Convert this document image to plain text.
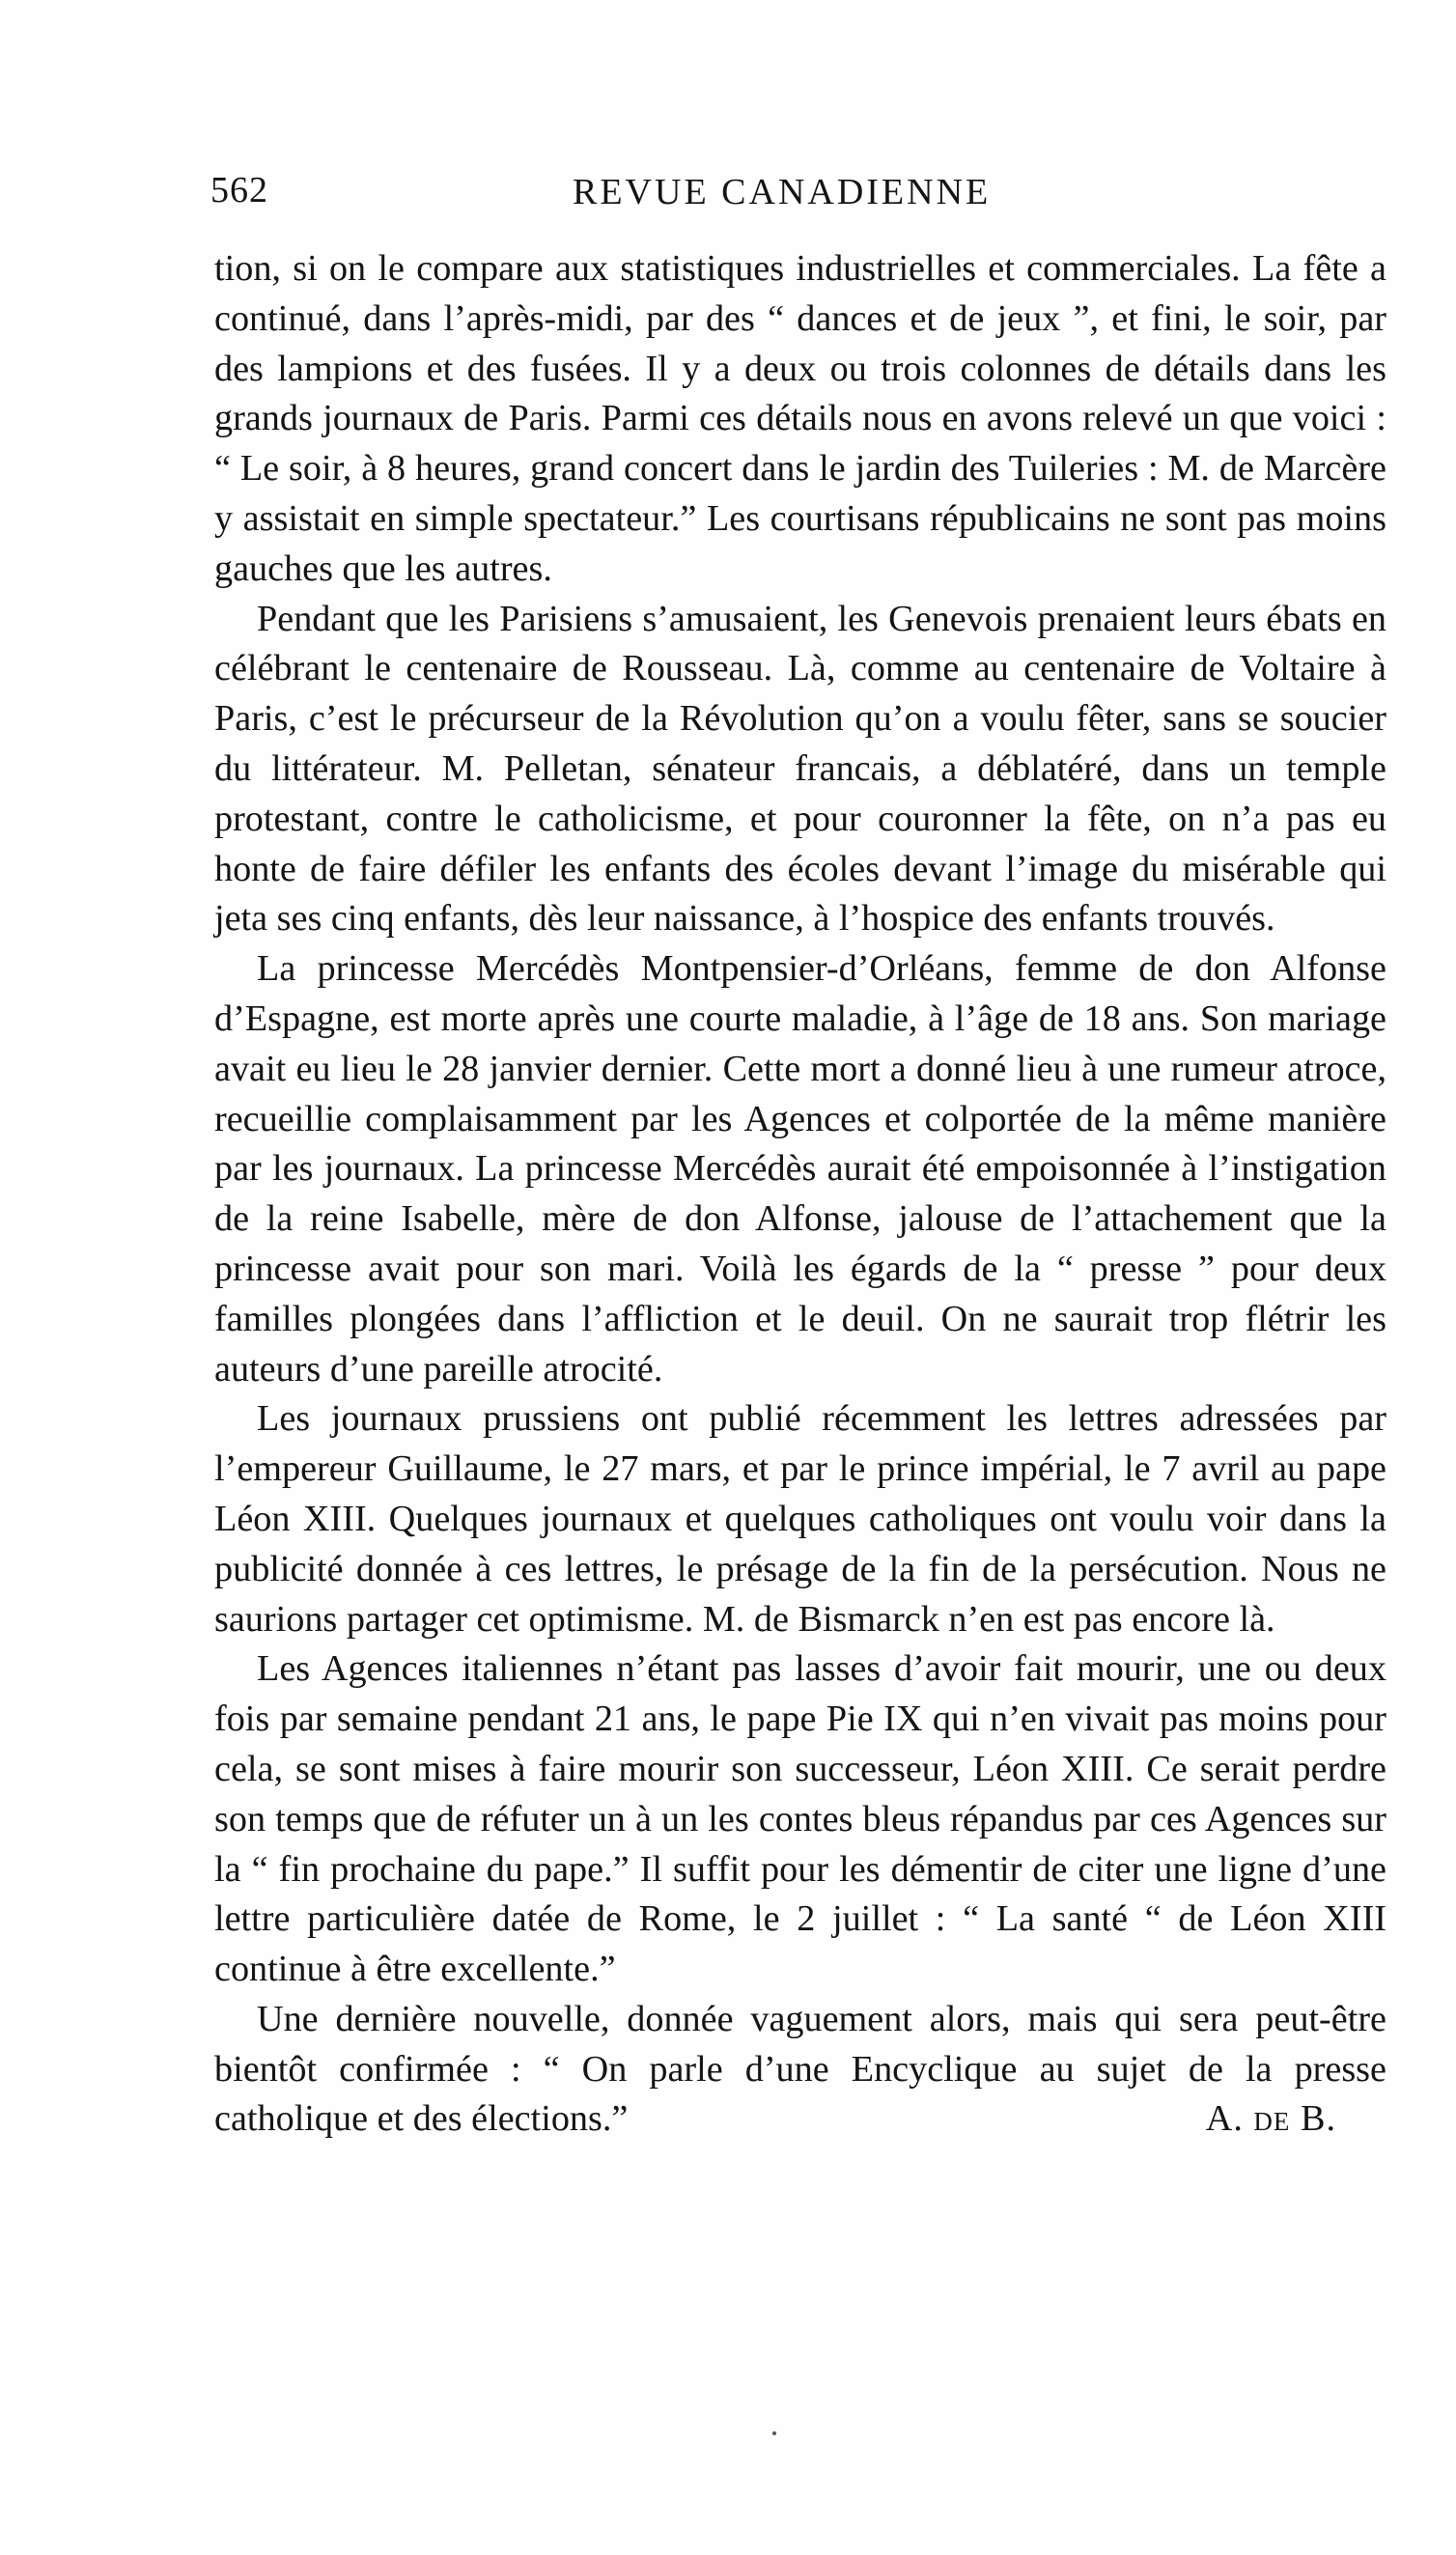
562	REVUE CANADIENNE

tion, si on le compare aux statistiques industrielles et commerciales. La fête a continué, dans l’après-midi, par des “ dances et de jeux ”, et fini, le soir, par des lampions et des fusées. Il y a deux ou trois colonnes de détails dans les grands journaux de Paris. Parmi ces détails nous en avons relevé un que voici : “ Le soir, à 8 heures, grand concert dans le jardin des Tuileries : M. de Marcère y assistait en simple spectateur.” Les courtisans républicains ne sont pas moins gauches que les autres.

Pendant que les Parisiens s’amusaient, les Genevois prenaient leurs ébats en célébrant le centenaire de Rousseau. Là, comme au centenaire de Voltaire à Paris, c’est le précurseur de la Révolution qu’on a voulu fêter, sans se soucier du littérateur. M. Pelletan, sénateur francais, a déblatéré, dans un temple protestant, contre le catholicisme, et pour couronner la fête, on n’a pas eu honte de faire défiler les enfants des écoles devant l’image du misérable qui jeta ses cinq enfants, dès leur naissance, à l’hospice des enfants trouvés.

La princesse Mercédès Montpensier-d’Orléans, femme de don Alfonse d’Espagne, est morte après une courte maladie, à l’âge de 18 ans. Son mariage avait eu lieu le 28 janvier dernier. Cette mort a donné lieu à une rumeur atroce, recueillie complaisamment par les Agences et colportée de la même manière par les journaux. La princesse Mercédès aurait été empoisonnée à l’instigation de la reine Isabelle, mère de don Alfonse, jalouse de l’attachement que la princesse avait pour son mari. Voilà les égards de la “ presse ” pour deux familles plongées dans l’affliction et le deuil. On ne saurait trop flétrir les auteurs d’une pareille atrocité.

Les journaux prussiens ont publié récemment les lettres adressées par l’empereur Guillaume, le 27 mars, et par le prince impérial, le 7 avril au pape Léon XIII. Quelques journaux et quelques catholiques ont voulu voir dans la publicité donnée à ces lettres, le présage de la fin de la persécution. Nous ne saurions partager cet optimisme. M. de Bismarck n’en est pas encore là.

Les Agences italiennes n’étant pas lasses d’avoir fait mourir, une ou deux fois par semaine pendant 21 ans, le pape Pie IX qui n’en vivait pas moins pour cela, se sont mises à faire mourir son successeur, Léon XIII. Ce serait perdre son temps que de réfuter un à un les contes bleus répandus par ces Agences sur la “ fin prochaine du pape.” Il suffit pour les démentir de citer une ligne d’une lettre particulière datée de Rome, le 2 juillet : “ La santé “ de Léon XIII continue à être excellente.”

Une dernière nouvelle, donnée vaguement alors, mais qui sera peut-être bientôt confirmée : “ On parle d’une Encyclique au sujet de la presse catholique et des élections.”	A. de B.
